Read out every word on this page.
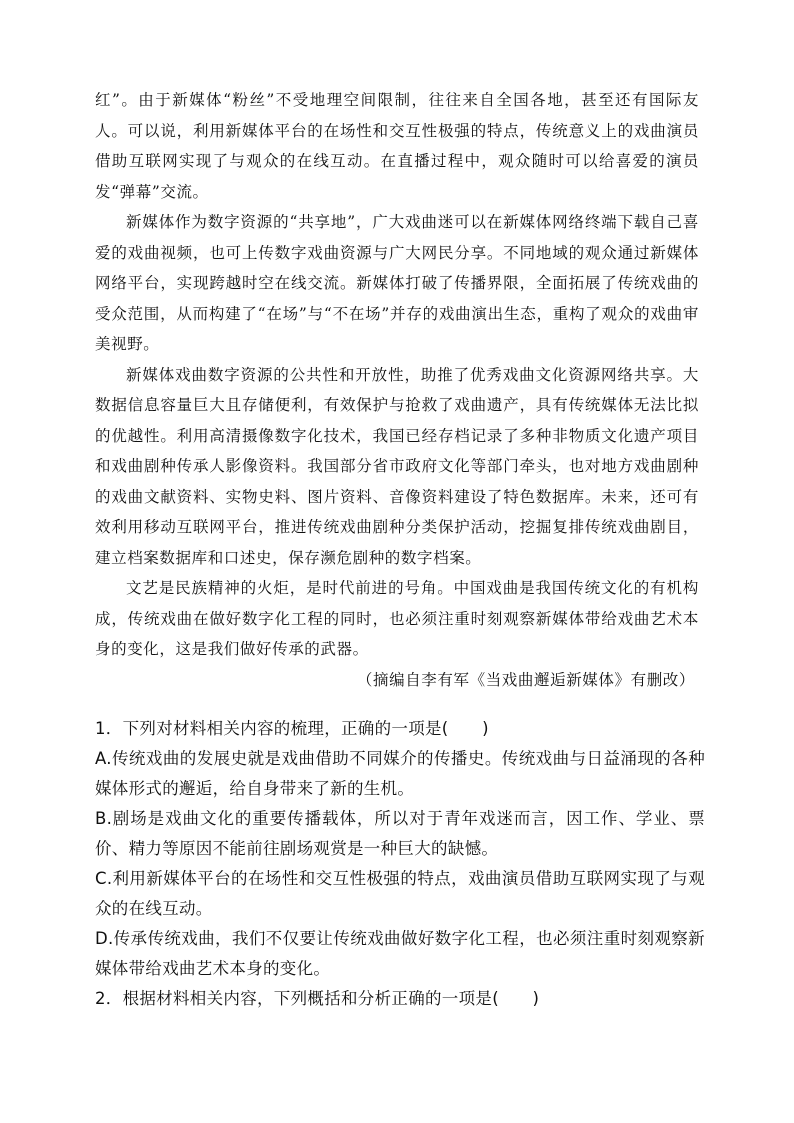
红”。由于新媒体“粉丝”不受地理空间限制，往往来自全国各地，甚至还有国际友人。可以说，利用新媒体平台的在场性和交互性极强的特点，传统意义上的戏曲演员借助互联网实现了与观众的在线互动。在直播过程中，观众随时可以给喜爱的演员发“弹幕”交流。

新媒体作为数字资源的“共享地”，广大戏曲迷可以在新媒体网络终端下载自己喜爱的戏曲视频，也可上传数字戏曲资源与广大网民分享。不同地域的观众通过新媒体网络平台，实现跨越时空在线交流。新媒体打破了传播界限，全面拓展了传统戏曲的受众范围，从而构建了“在场”与“不在场”并存的戏曲演出生态，重构了观众的戏曲审美视野。

新媒体戏曲数字资源的公共性和开放性，助推了优秀戏曲文化资源网络共享。大数据信息容量巨大且存储便利，有效保护与抢救了戏曲遗产，具有传统媒体无法比拟的优越性。利用高清摄像数字化技术，我国已经存档记录了多种非物质文化遗产项目和戏曲剧种传承人影像资料。我国部分省市政府文化等部门牵头，也对地方戏曲剧种的戏曲文献资料、实物史料、图片资料、音像资料建设了特色数据库。未来，还可有效利用移动互联网平台，推进传统戏曲剧种分类保护活动，挖掘复排传统戏曲剧目，建立档案数据库和口述史，保存濒危剧种的数字档案。

文艺是民族精神的火炬，是时代前进的号角。中国戏曲是我国传统文化的有机构成，传统戏曲在做好数字化工程的同时，也必须注重时刻观察新媒体带给戏曲艺术本身的变化，这是我们做好传承的武器。

（摘编自李有军《当戏曲邂逅新媒体》有删改）

1．下列对材料相关内容的梳理，正确的一项是(　　)

A.传统戏曲的发展史就是戏曲借助不同媒介的传播史。传统戏曲与日益涌现的各种媒体形式的邂逅，给自身带来了新的生机。

B.剧场是戏曲文化的重要传播载体，所以对于青年戏迷而言，因工作、学业、票价、精力等原因不能前往剧场观赏是一种巨大的缺憾。

C.利用新媒体平台的在场性和交互性极强的特点，戏曲演员借助互联网实现了与观众的在线互动。

D.传承传统戏曲，我们不仅要让传统戏曲做好数字化工程，也必须注重时刻观察新媒体带给戏曲艺术本身的变化。

2．根据材料相关内容，下列概括和分析正确的一项是(　　)
